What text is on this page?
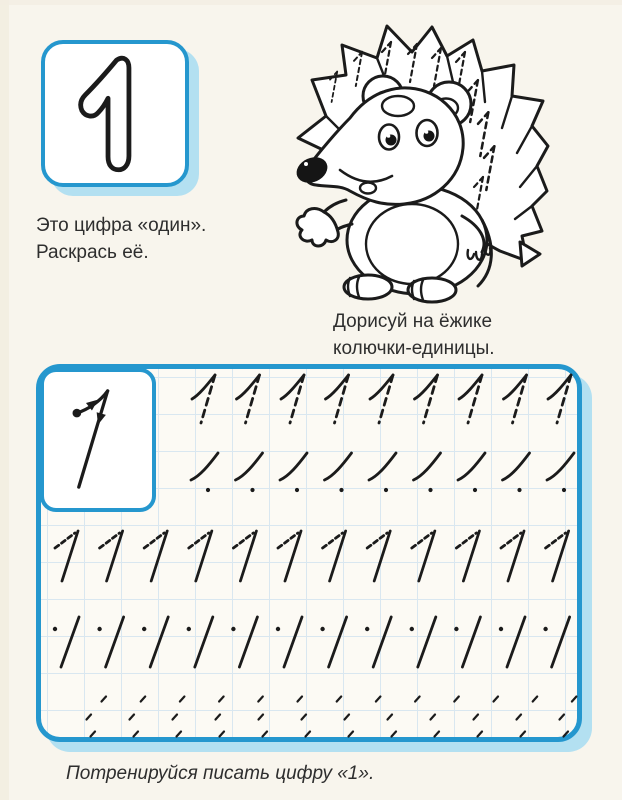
Это цифра «один».
Раскрась её.
Дорисуй на ёжике
колючки-единицы.
Потренируйся писать цифру «1».
